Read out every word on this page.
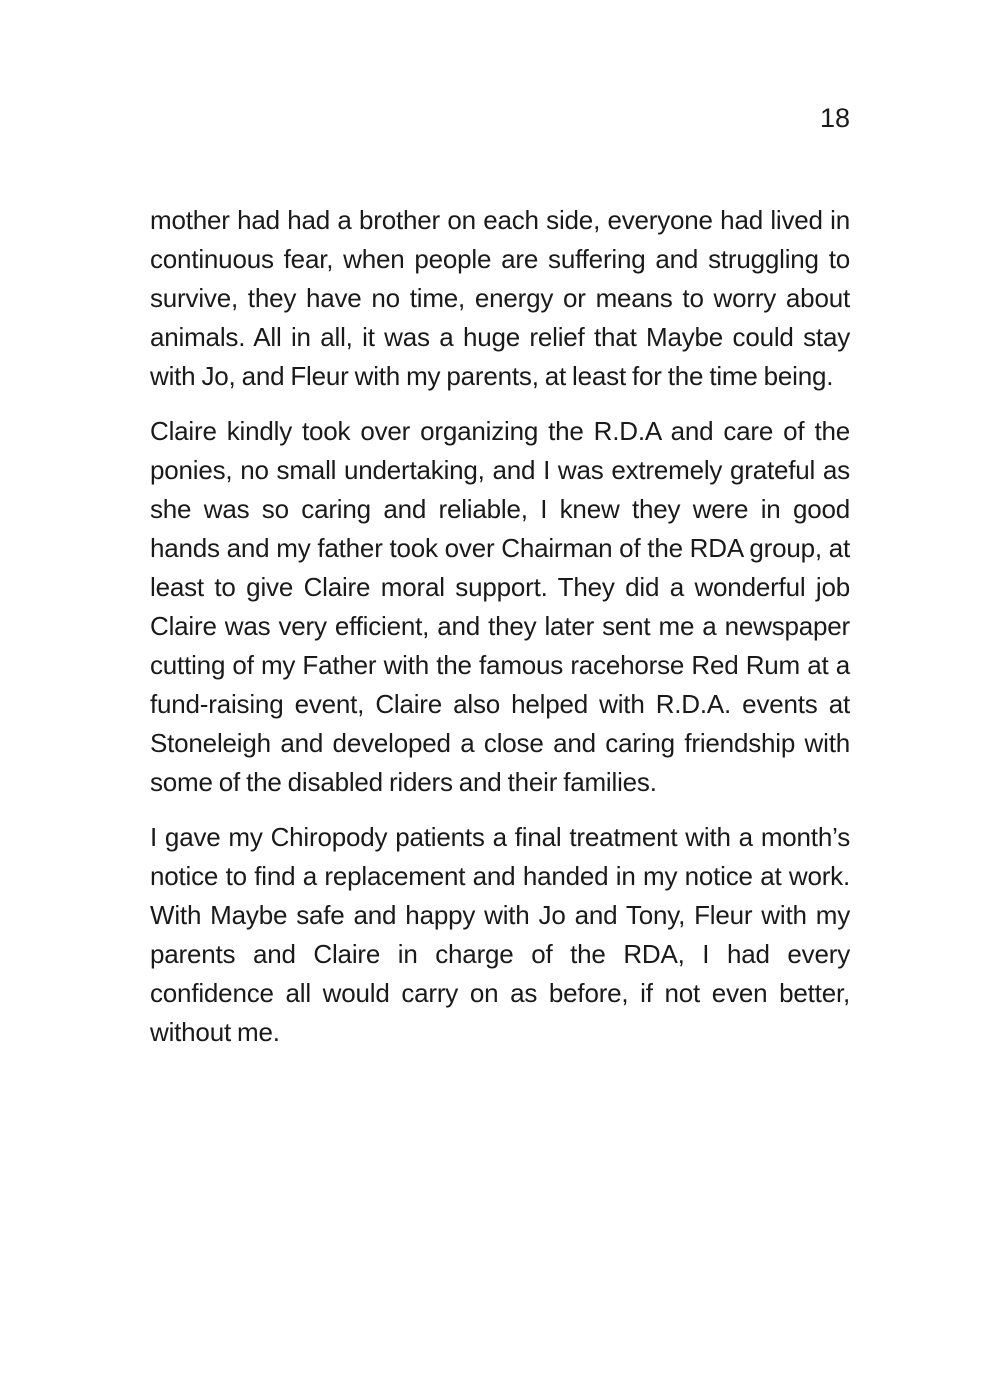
18

mother had had a brother on each side, everyone had lived in continuous fear, when people are suffering and struggling to survive, they have no time, energy or means to worry about animals. All in all, it was a huge relief that Maybe could stay with Jo, and Fleur with my parents, at least for the time being.

Claire kindly took over organizing the R.D.A and care of the ponies, no small undertaking, and I was extremely grateful as she was so caring and reliable, I knew they were in good hands and my father took over Chairman of the RDA group, at least to give Claire moral support. They did a wonderful job Claire was very efficient, and they later sent me a newspaper cutting of my Father with the famous racehorse Red Rum at a fund-raising event, Claire also helped with R.D.A. events at Stoneleigh and developed a close and caring friendship with some of the disabled riders and their families.

I gave my Chiropody patients a final treatment with a month’s notice to find a replacement and handed in my notice at work. With Maybe safe and happy with Jo and Tony, Fleur with my parents and Claire in charge of the RDA, I had every confidence all would carry on as before, if not even better, without me.
